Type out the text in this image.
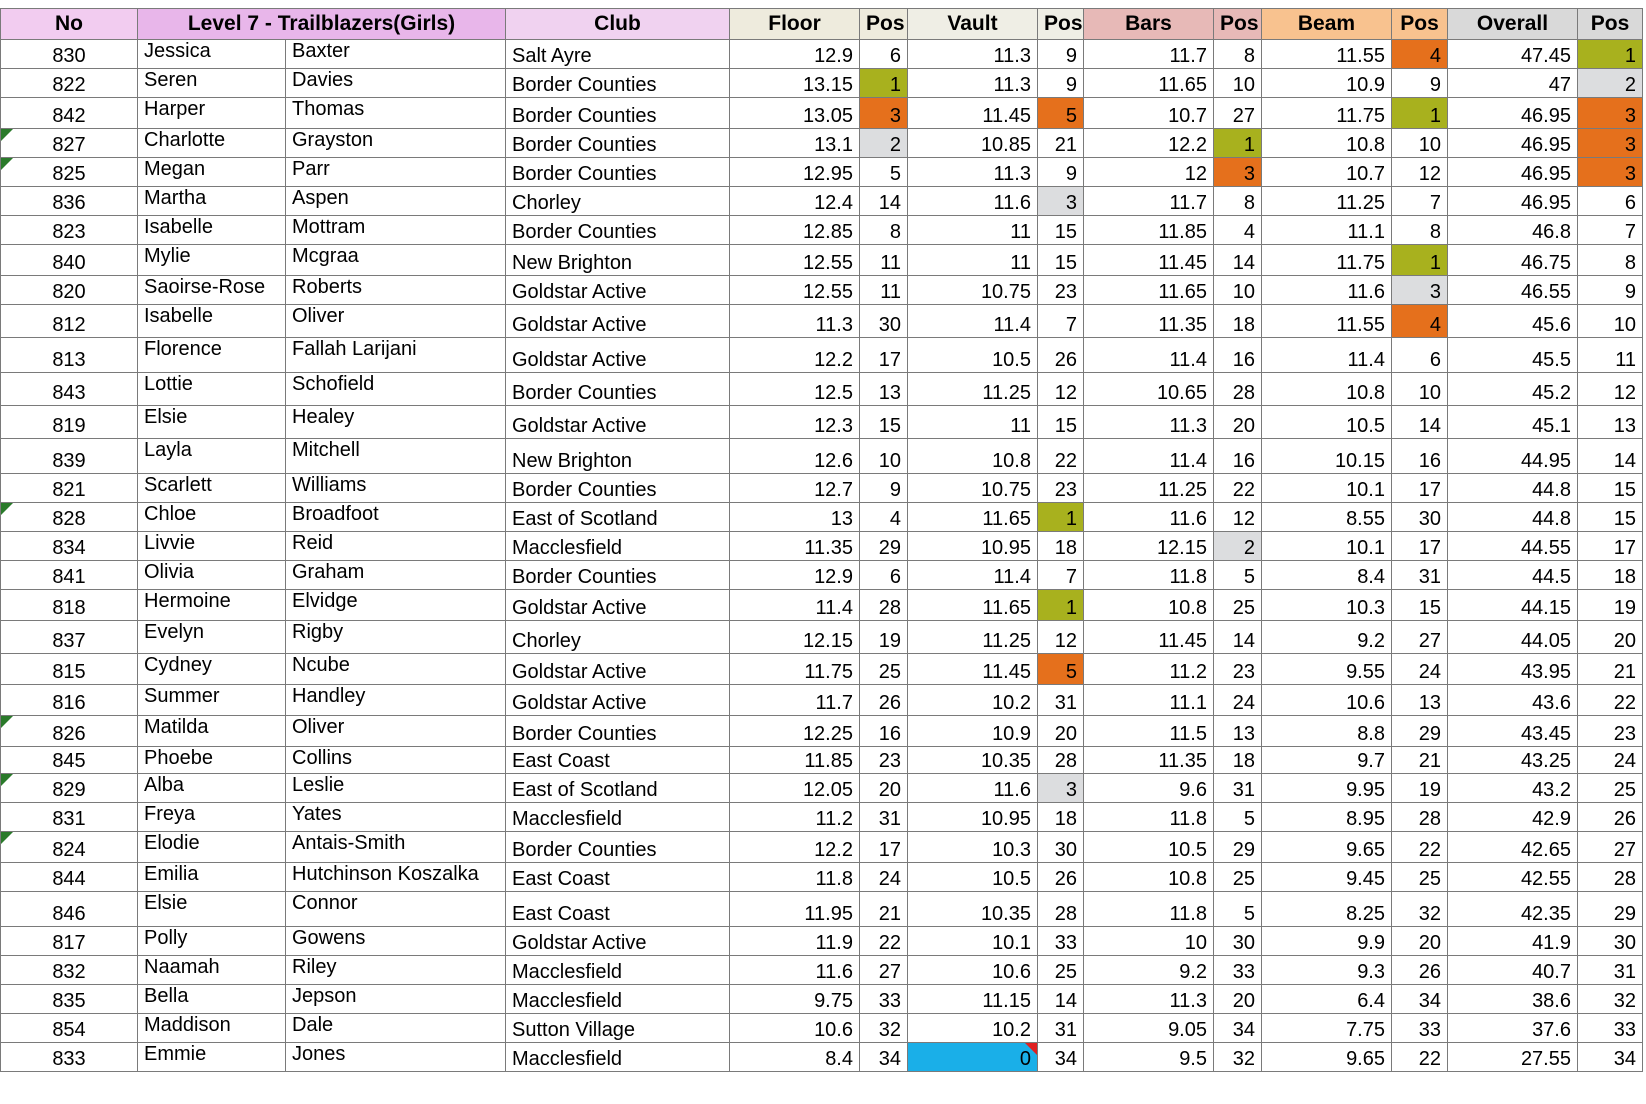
No	Level 7 - Trailblazers(Girls)		Club	Floor	Pos	Vault	Pos	Bars	Pos	Beam	Pos	Overall	Pos
830	Jessica	Baxter	Salt Ayre	12.9	6	11.3	9	11.7	8	11.55	4	47.45	1
822	Seren	Davies	Border Counties	13.15	1	11.3	9	11.65	10	10.9	9	47	2
842	Harper	Thomas	Border Counties	13.05	3	11.45	5	10.7	27	11.75	1	46.95	3
827	Charlotte	Grayston	Border Counties	13.1	2	10.85	21	12.2	1	10.8	10	46.95	3
825	Megan	Parr	Border Counties	12.95	5	11.3	9	12	3	10.7	12	46.95	3
836	Martha	Aspen	Chorley	12.4	14	11.6	3	11.7	8	11.25	7	46.95	6
823	Isabelle	Mottram	Border Counties	12.85	8	11	15	11.85	4	11.1	8	46.8	7
840	Mylie	Mcgraa	New Brighton	12.55	11	11	15	11.45	14	11.75	1	46.75	8
820	Saoirse-Rose	Roberts	Goldstar Active	12.55	11	10.75	23	11.65	10	11.6	3	46.55	9
812	Isabelle	Oliver	Goldstar Active	11.3	30	11.4	7	11.35	18	11.55	4	45.6	10
813	Florence	Fallah Larijani	Goldstar Active	12.2	17	10.5	26	11.4	16	11.4	6	45.5	11
843	Lottie	Schofield	Border Counties	12.5	13	11.25	12	10.65	28	10.8	10	45.2	12
819	Elsie	Healey	Goldstar Active	12.3	15	11	15	11.3	20	10.5	14	45.1	13
839	Layla	Mitchell	New Brighton	12.6	10	10.8	22	11.4	16	10.15	16	44.95	14
821	Scarlett	Williams	Border Counties	12.7	9	10.75	23	11.25	22	10.1	17	44.8	15
828	Chloe	Broadfoot	East of Scotland	13	4	11.65	1	11.6	12	8.55	30	44.8	15
834	Livvie	Reid	Macclesfield	11.35	29	10.95	18	12.15	2	10.1	17	44.55	17
841	Olivia	Graham	Border Counties	12.9	6	11.4	7	11.8	5	8.4	31	44.5	18
818	Hermoine	Elvidge	Goldstar Active	11.4	28	11.65	1	10.8	25	10.3	15	44.15	19
837	Evelyn	Rigby	Chorley	12.15	19	11.25	12	11.45	14	9.2	27	44.05	20
815	Cydney	Ncube	Goldstar Active	11.75	25	11.45	5	11.2	23	9.55	24	43.95	21
816	Summer	Handley	Goldstar Active	11.7	26	10.2	31	11.1	24	10.6	13	43.6	22
826	Matilda	Oliver	Border Counties	12.25	16	10.9	20	11.5	13	8.8	29	43.45	23
845	Phoebe	Collins	East Coast	11.85	23	10.35	28	11.35	18	9.7	21	43.25	24
829	Alba	Leslie	East of Scotland	12.05	20	11.6	3	9.6	31	9.95	19	43.2	25
831	Freya	Yates	Macclesfield	11.2	31	10.95	18	11.8	5	8.95	28	42.9	26
824	Elodie	Antais-Smith	Border Counties	12.2	17	10.3	30	10.5	29	9.65	22	42.65	27
844	Emilia	Hutchinson Koszalka	East Coast	11.8	24	10.5	26	10.8	25	9.45	25	42.55	28
846	Elsie	Connor	East Coast	11.95	21	10.35	28	11.8	5	8.25	32	42.35	29
817	Polly	Gowens	Goldstar Active	11.9	22	10.1	33	10	30	9.9	20	41.9	30
832	Naamah	Riley	Macclesfield	11.6	27	10.6	25	9.2	33	9.3	26	40.7	31
835	Bella	Jepson	Macclesfield	9.75	33	11.15	14	11.3	20	6.4	34	38.6	32
854	Maddison	Dale	Sutton Village	10.6	32	10.2	31	9.05	34	7.75	33	37.6	33
833	Emmie	Jones	Macclesfield	8.4	34	0	34	9.5	32	9.65	22	27.55	34
